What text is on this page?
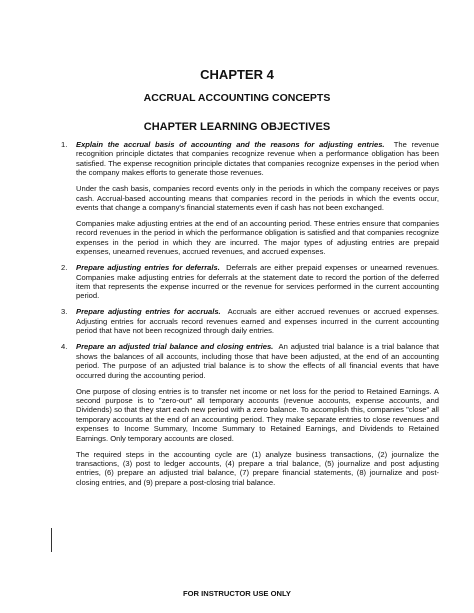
CHAPTER 4
ACCRUAL ACCOUNTING CONCEPTS
CHAPTER LEARNING OBJECTIVES
1. Explain the accrual basis of accounting and the reasons for adjusting entries. The revenue recognition principle dictates that companies recognize revenue when a performance obligation has been satisfied. The expense recognition principle dictates that companies recognize expenses in the period when the company makes efforts to generate those revenues.

Under the cash basis, companies record events only in the periods in which the company receives or pays cash. Accrual-based accounting means that companies record in the periods in which the events occur, events that change a company's financial statements even if cash has not been exchanged.

Companies make adjusting entries at the end of an accounting period. These entries ensure that companies record revenues in the period in which the performance obligation is satisfied and that companies recognize expenses in the period in which they are incurred. The major types of adjusting entries are prepaid expenses, unearned revenues, accrued revenues, and accrued expenses.

2. Prepare adjusting entries for deferrals. Deferrals are either prepaid expenses or unearned revenues. Companies make adjusting entries for deferrals at the statement date to record the portion of the deferred item that represents the expense incurred or the revenue for services performed in the current accounting period.

3. Prepare adjusting entries for accruals. Accruals are either accrued revenues or accrued expenses. Adjusting entries for accruals record revenues earned and expenses incurred in the current accounting period that have not been recognized through daily entries.

4. Prepare an adjusted trial balance and closing entries. An adjusted trial balance is a trial balance that shows the balances of all accounts, including those that have been adjusted, at the end of an accounting period. The purpose of an adjusted trial balance is to show the effects of all financial events that have occurred during the accounting period.

One purpose of closing entries is to transfer net income or net loss for the period to Retained Earnings. A second purpose is to "zero-out" all temporary accounts (revenue accounts, expense accounts, and Dividends) so that they start each new period with a zero balance. To accomplish this, companies "close" all temporary accounts at the end of an accounting period. They make separate entries to close revenues and expenses to Income Summary, Income Summary to Retained Earnings, and Dividends to Retained Earnings. Only temporary accounts are closed.

The required steps in the accounting cycle are (1) analyze business transactions, (2) journalize the transactions, (3) post to ledger accounts, (4) prepare a trial balance, (5) journalize and post adjusting entries, (6) prepare an adjusted trial balance, (7) prepare financial statements, (8) journalize and post-closing entries, and (9) prepare a post-closing trial balance.

FOR INSTRUCTOR USE ONLY
